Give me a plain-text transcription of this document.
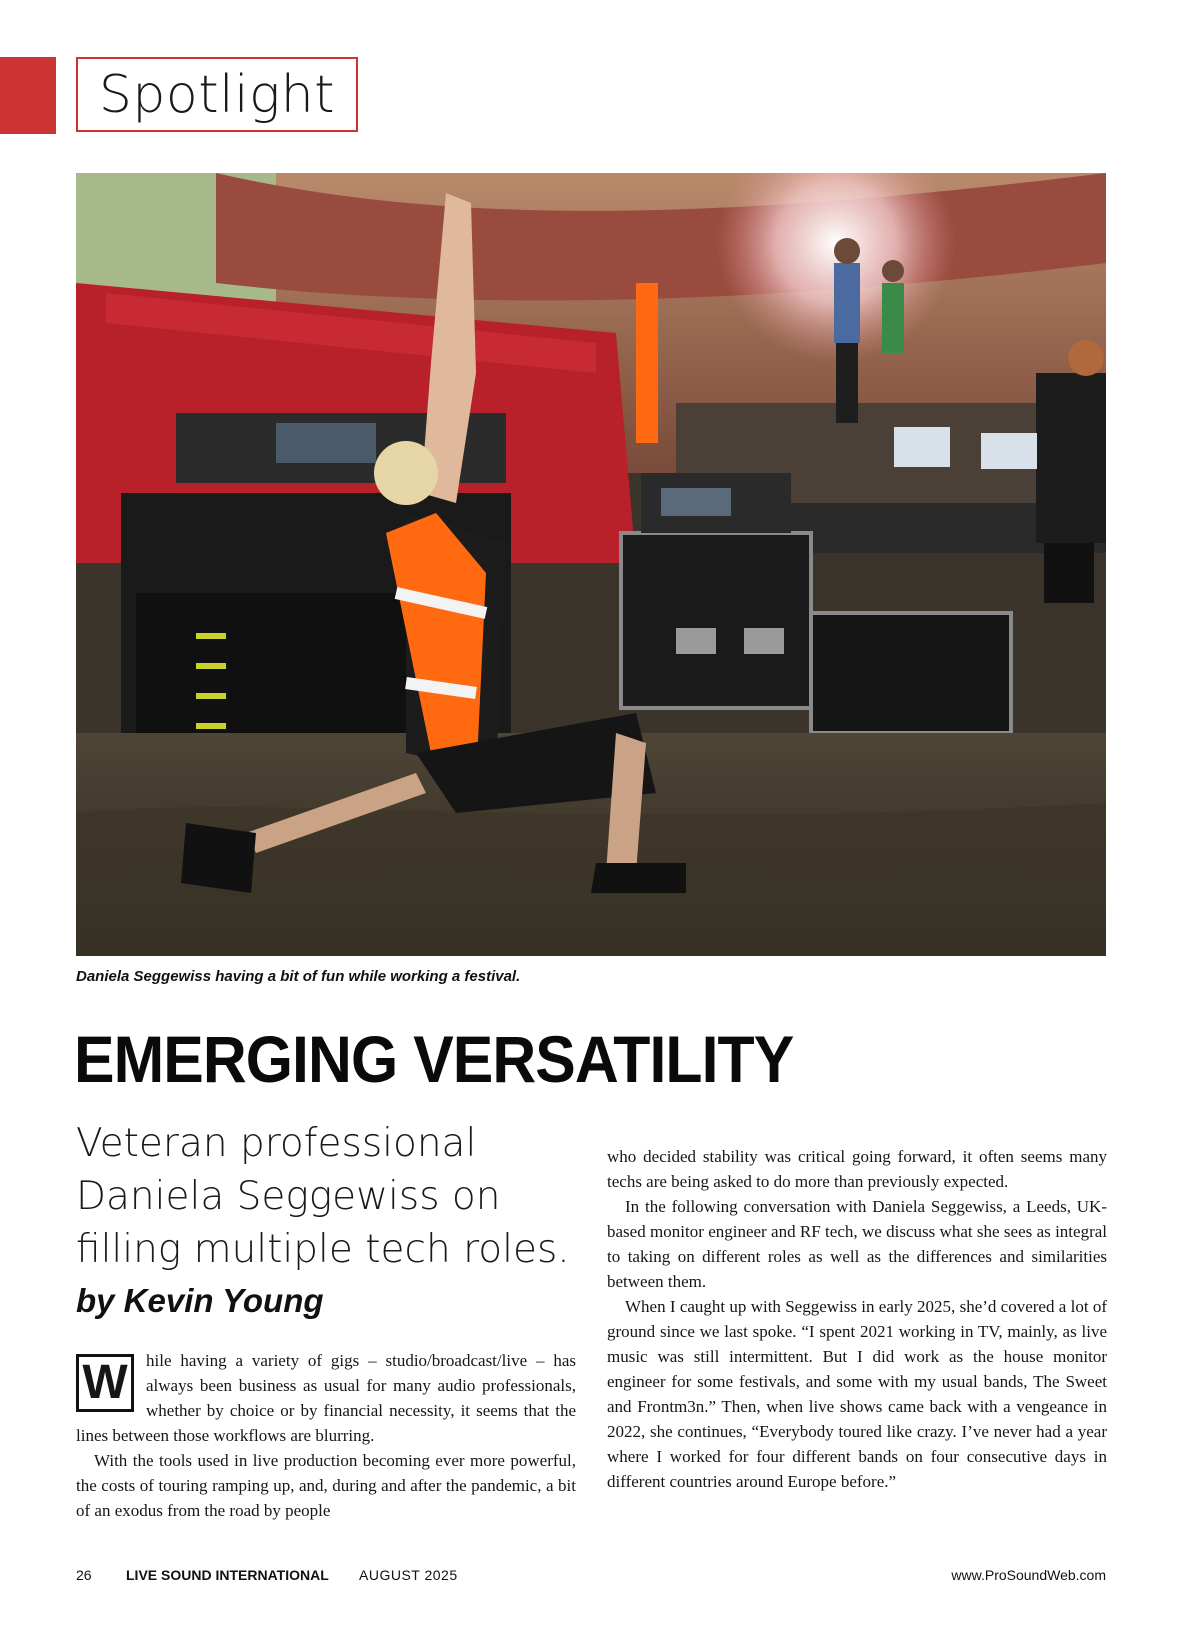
Spotlight
Daniela Seggewiss having a bit of fun while working a festival.
EMERGING VERSATILITY
Veteran professional
Daniela Seggewiss on
filling multiple tech roles.
by Kevin Young

W	hile having a variety of gigs – studio/broadcast/live – has always been business as usual for many audio professionals, whether by choice or by financial necessity, it seems that the lines between those workflows are blurring.

With the tools used in live production becoming ever more powerful, the costs of touring ramping up, and, during and after the pandemic, a bit of an exodus from the road by people

who decided stability was critical going forward, it often seems many techs are being asked to do more than previously expected.

In the following conversation with Daniela Seggewiss, a Leeds, UK-based monitor engineer and RF tech, we discuss what she sees as integral to taking on different roles as well as the differences and similarities between them.

When I caught up with Seggewiss in early 2025, she’d covered a lot of ground since we last spoke. “I spent 2021 working in TV, mainly, as live music was still intermittent. But I did work as the house monitor engineer for some festivals, and some with my usual bands, The Sweet and Frontm3n.” Then, when live shows came back with a vengeance in 2022, she continues, “Everybody toured like crazy. I’ve never had a year where I worked for four different bands on four consecutive days in different countries around Europe before.”

26 LIVE SOUND INTERNATIONAL AUGUST 2025	www.ProSoundWeb.com
